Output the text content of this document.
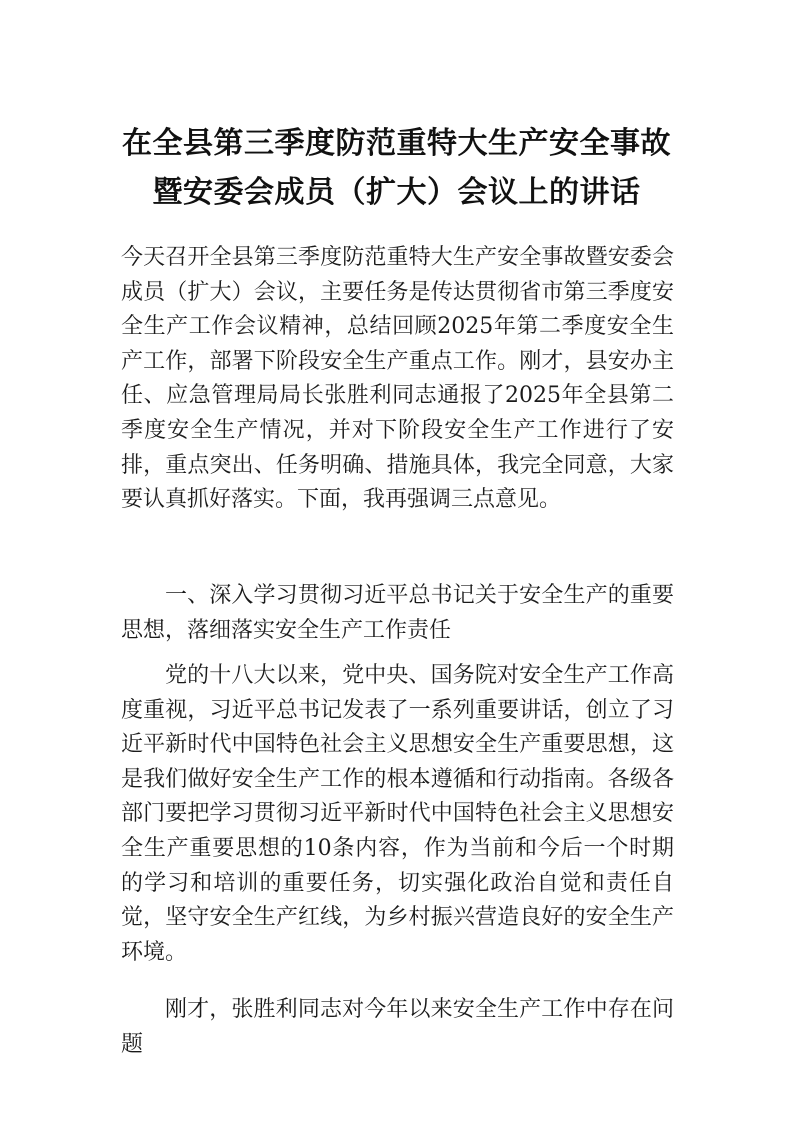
在全县第三季度防范重特大生产安全事故
暨安委会成员（扩大）会议上的讲话
今天召开全县第三季度防范重特大生产安全事故暨安委会成员（扩大）会议，主要任务是传达贯彻省市第三季度安全生产工作会议精神，总结回顾2025年第二季度安全生产工作，部署下阶段安全生产重点工作。刚才，县安办主任、应急管理局局长张胜利同志通报了2025年全县第二季度安全生产情况，并对下阶段安全生产工作进行了安排，重点突出、任务明确、措施具体，我完全同意，大家要认真抓好落实。下面，我再强调三点意见。
一、深入学习贯彻习近平总书记关于安全生产的重要思想，落细落实安全生产工作责任
党的十八大以来，党中央、国务院对安全生产工作高度重视，习近平总书记发表了一系列重要讲话，创立了习近平新时代中国特色社会主义思想安全生产重要思想，这是我们做好安全生产工作的根本遵循和行动指南。各级各部门要把学习贯彻习近平新时代中国特色社会主义思想安全生产重要思想的10条内容，作为当前和今后一个时期的学习和培训的重要任务，切实强化政治自觉和责任自觉，坚守安全生产红线，为乡村振兴营造良好的安全生产环境。
刚才，张胜利同志对今年以来安全生产工作中存在问题
